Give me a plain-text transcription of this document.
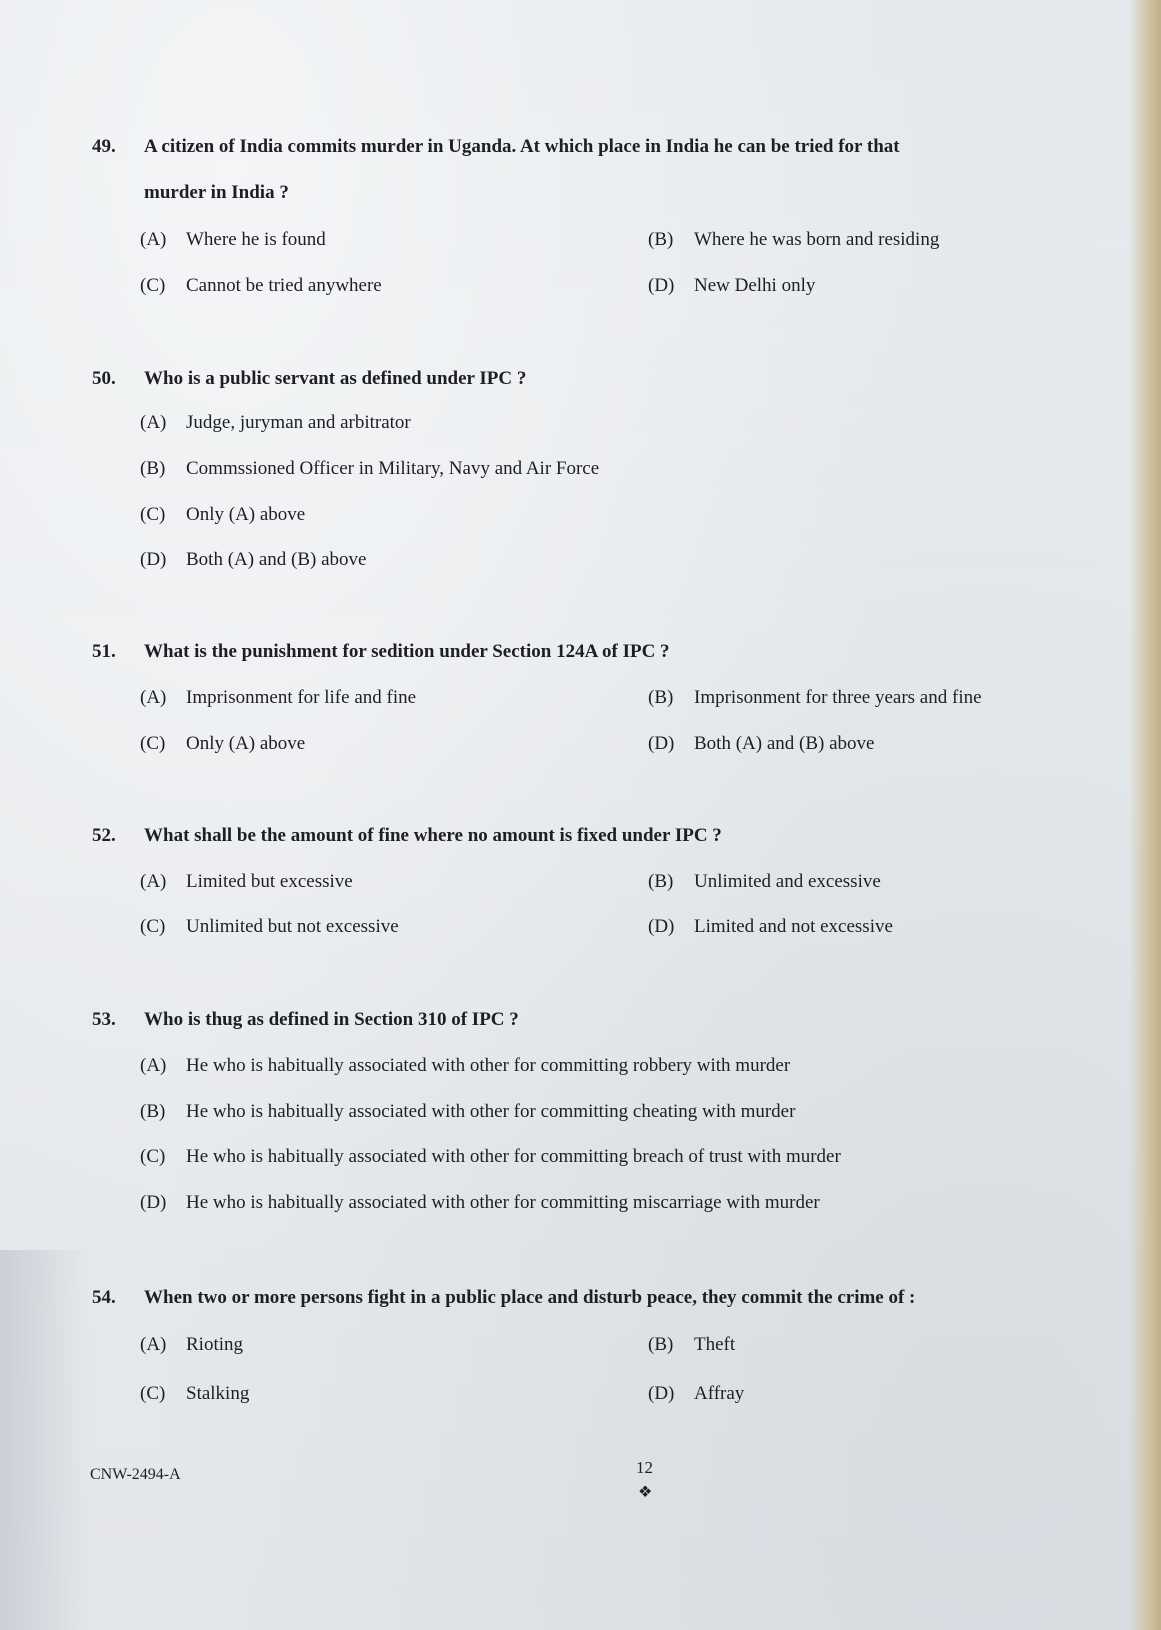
49. A citizen of India commits murder in Uganda. At which place in India he can be tried for that
murder in India ?
(A) Where he is found	(B) Where he was born and residing
(C) Cannot be tried anywhere	(D) New Delhi only
50. Who is a public servant as defined under IPC ?
(A) Judge, juryman and arbitrator
(B) Commssioned Officer in Military, Navy and Air Force
(C) Only (A) above
(D) Both (A) and (B) above
51. What is the punishment for sedition under Section 124A of IPC ?
(A) Imprisonment for life and fine	(B) Imprisonment for three years and fine
(C) Only (A) above	(D) Both (A) and (B) above
52. What shall be the amount of fine where no amount is fixed under IPC ?
(A) Limited but excessive	(B) Unlimited and excessive
(C) Unlimited but not excessive	(D) Limited and not excessive
53. Who is thug as defined in Section 310 of IPC ?
(A) He who is habitually associated with other for committing robbery with murder
(B) He who is habitually associated with other for committing cheating with murder
(C) He who is habitually associated with other for committing breach of trust with murder
(D) He who is habitually associated with other for committing miscarriage with murder
54. When two or more persons fight in a public place and disturb peace, they commit the crime of :
(A) Rioting	(B) Theft
(C) Stalking	(D) Affray
CNW-2494-A	12
❖
